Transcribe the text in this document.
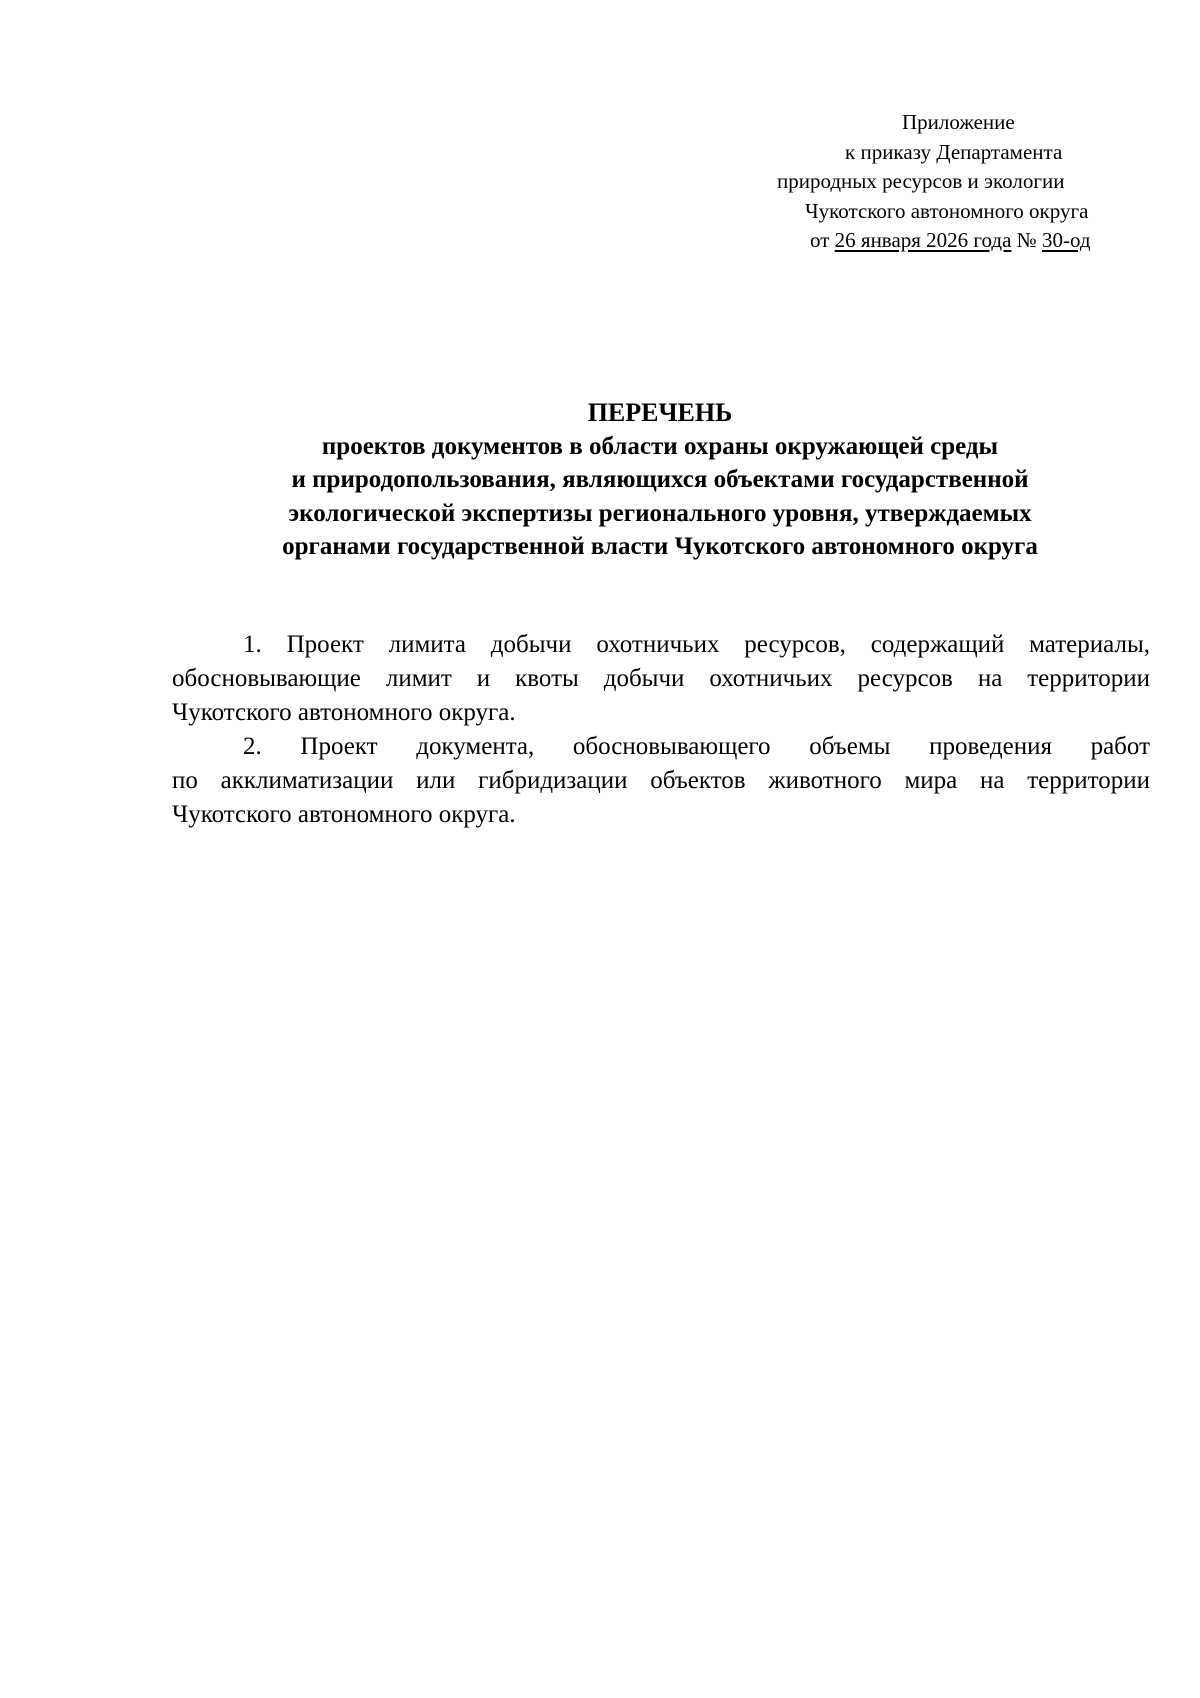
Приложение
к приказу Департамента
природных ресурсов и экологии
Чукотского автономного округа
от 26 января 2026 года № 30-од
ПЕРЕЧЕНЬ
проектов документов в области охраны окружающей среды
и природопользования, являющихся объектами государственной
экологической экспертизы регионального уровня, утверждаемых
органами государственной власти Чукотского автономного округа
1. Проект лимита добычи охотничьих ресурсов, содержащий материалы,
обосновывающие лимит и квоты добычи охотничьих ресурсов на территории
Чукотского автономного округа.
2. Проект документа, обосновывающего объемы проведения работ
по акклиматизации или гибридизации объектов животного мира на территории
Чукотского автономного округа.
